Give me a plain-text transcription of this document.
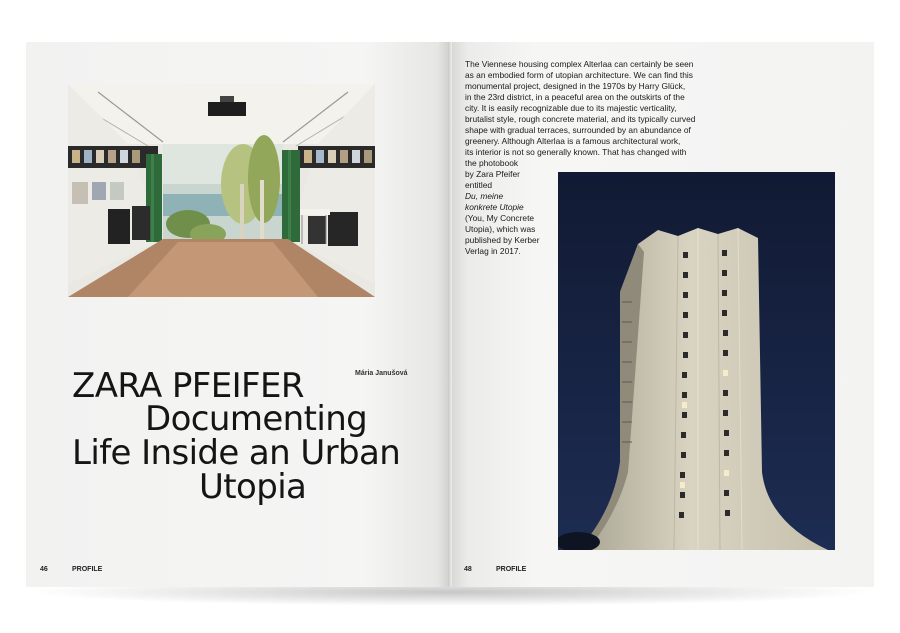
ZARA PFEIFER
Documenting
Life Inside an Urban
Utopia
Mária Janušová
46	PROFILE

The Viennese housing complex Alterlaa can certainly be seen

as an embodied form of utopian architecture. We can find this

monumental project, designed in the 1970s by Harry Glück,

in the 23rd district, in a peaceful area on the outskirts of the

city. It is easily recognizable due to its majestic verticality,

brutalist style, rough concrete material, and its typically curved

shape with gradual terraces, surrounded by an abundance of

greenery. Although Alterlaa is a famous architectural work,

its interior is not so generally known. That has changed with

the photobook

by Zara Pfeifer

entitled

Du, meine

konkrete Utopie

(You, My Concrete

Utopia), which was

published by Kerber

Verlag in 2017.

48	PROFILE
